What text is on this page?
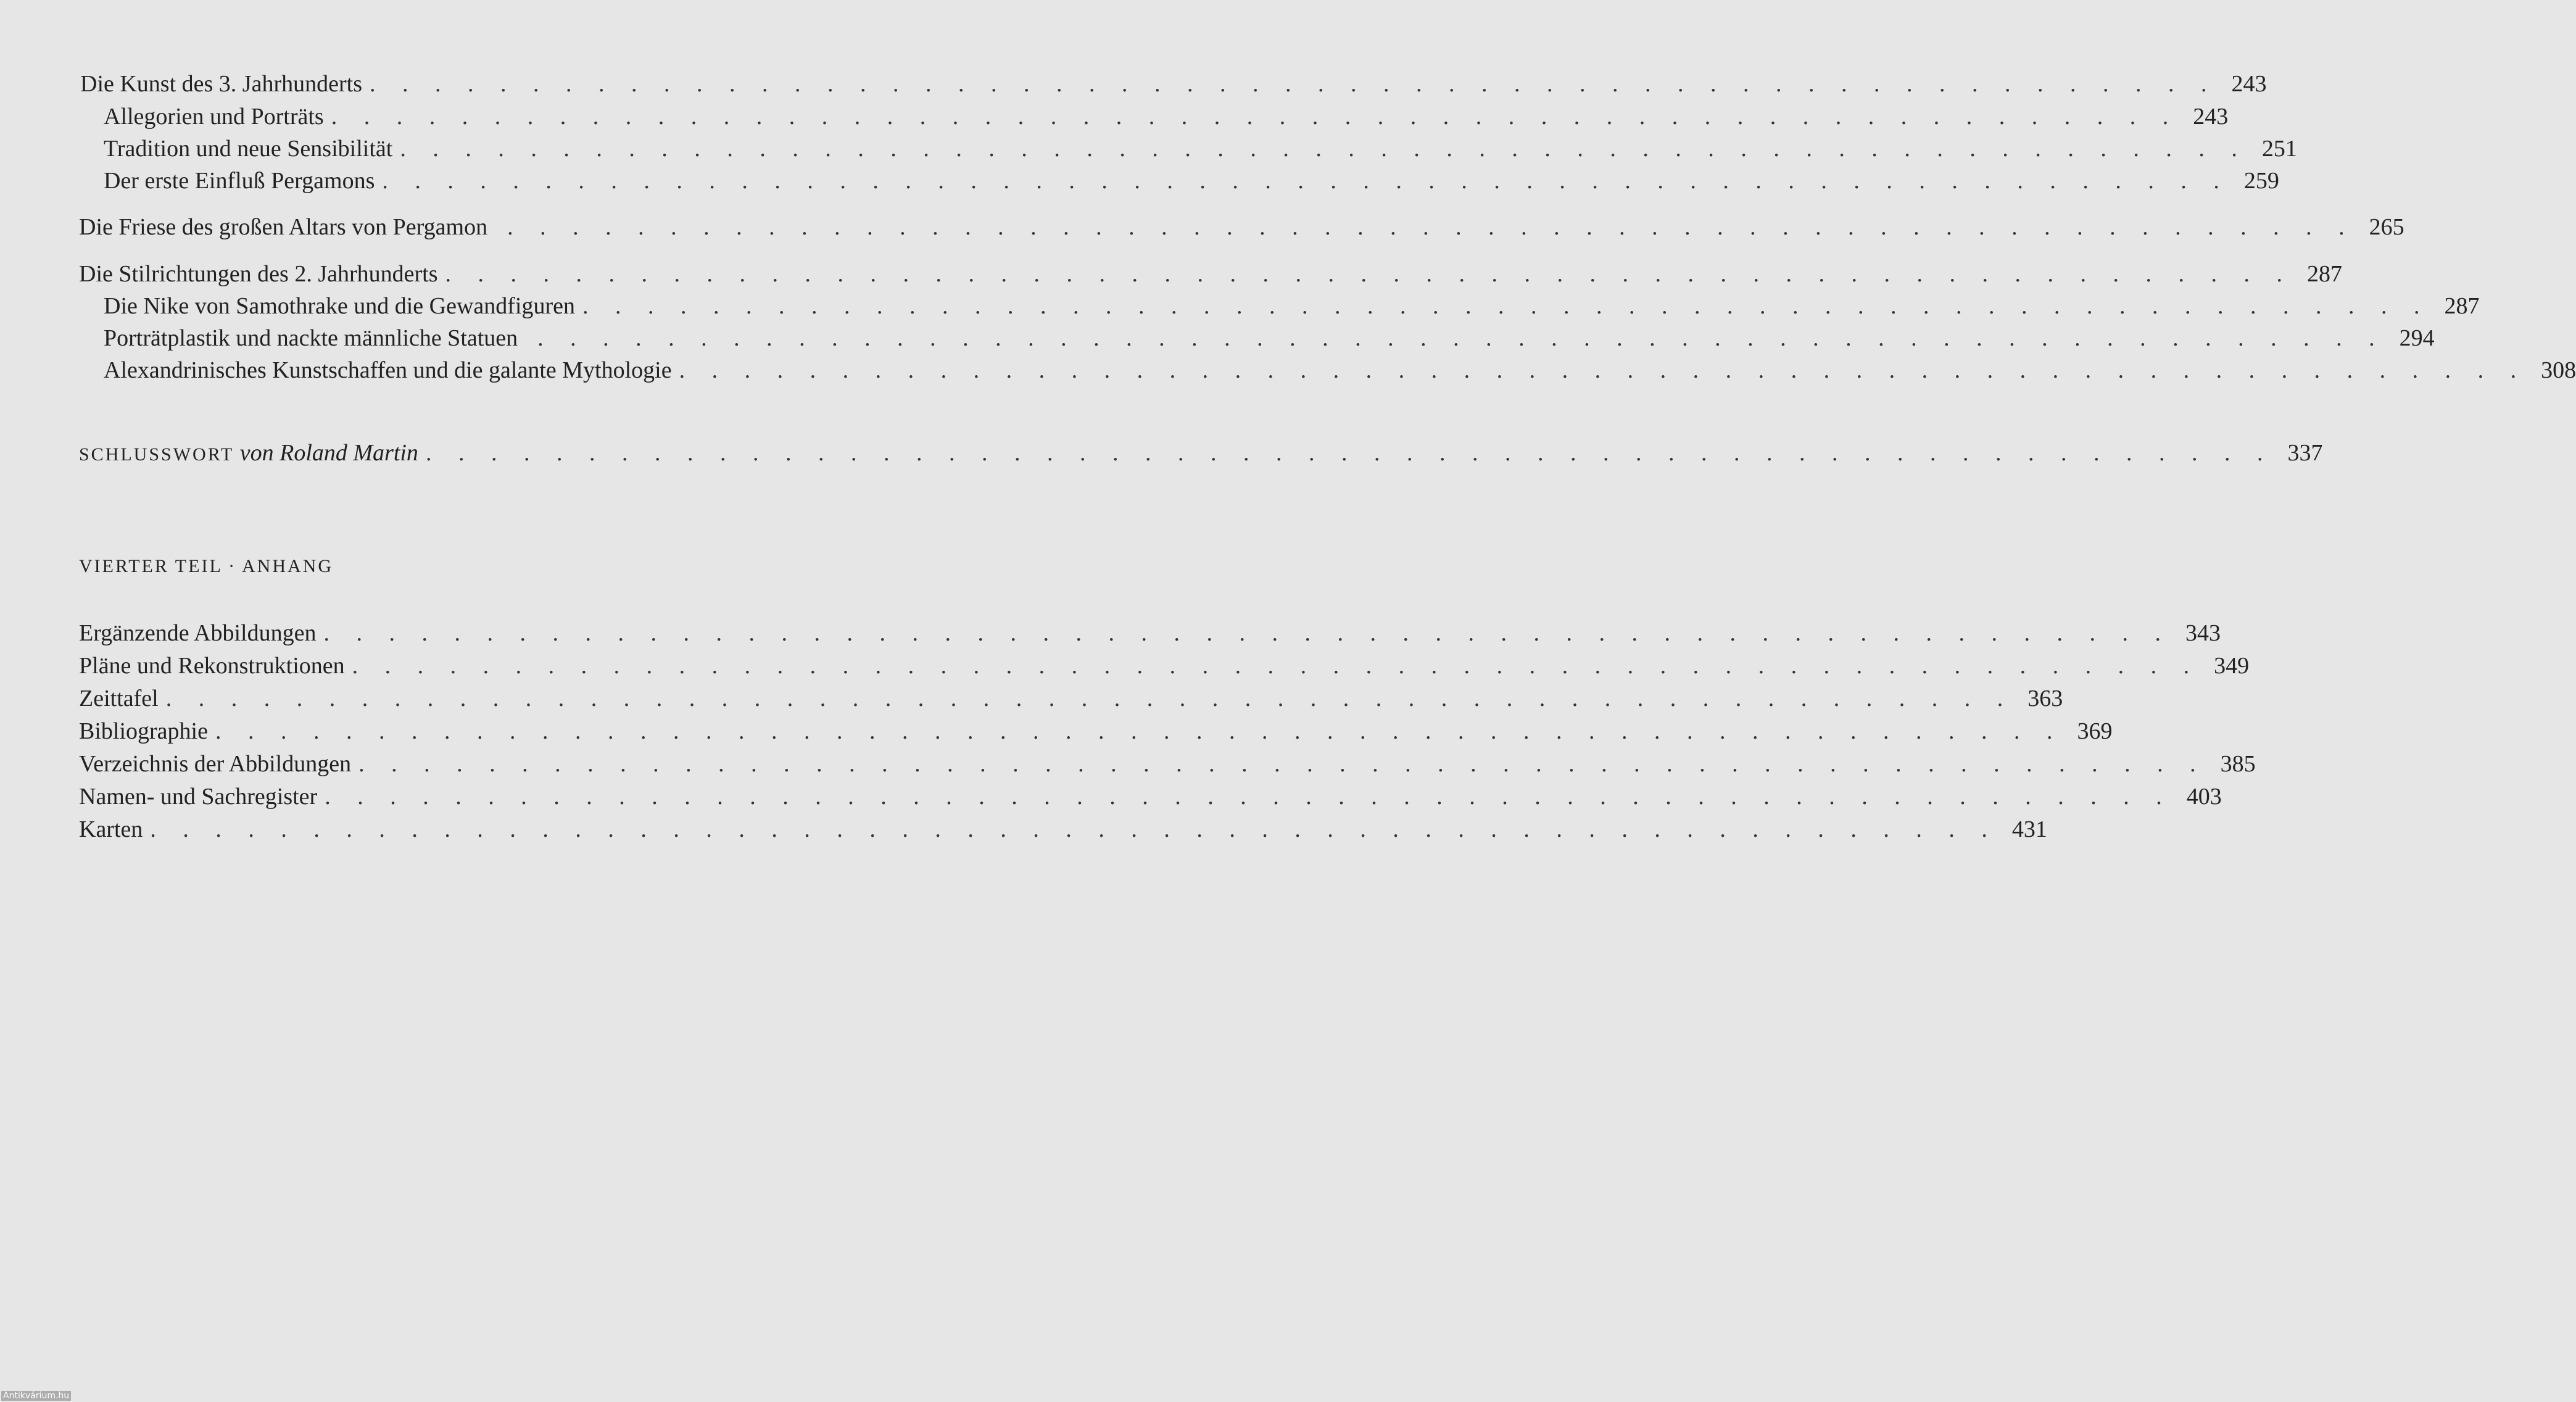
Die Kunst des 3. Jahrhunderts . . . . . . . . . . . . . . . . . . . . . . . . . . . . . . . . . . . . . . . . . . . . . . . . . . . . . . . . . 243
Allegorien und Porträts . . . . . . . . . . . . . . . . . . . . . . . . . . . . . . . . . . . . . . . . . . . . . . . . . . . . . . . . . 243
Tradition und neue Sensibilität . . . . . . . . . . . . . . . . . . . . . . . . . . . . . . . . . . . . . . . . . . . . . . . . . . . . . . . . . 251
Der erste Einfluß Pergamons . . . . . . . . . . . . . . . . . . . . . . . . . . . . . . . . . . . . . . . . . . . . . . . . . . . . . . . . . 259
Die Friese des großen Altars von Pergamon . . . . . . . . . . . . . . . . . . . . . . . . . . . . . . . . . . . . . . . . . . . . . . . . . . . . . . . . . 265
Die Stilrichtungen des 2. Jahrhunderts . . . . . . . . . . . . . . . . . . . . . . . . . . . . . . . . . . . . . . . . . . . . . . . . . . . . . . . . . 287
Die Nike von Samothrake und die Gewandfiguren . . . . . . . . . . . . . . . . . . . . . . . . . . . . . . . . . . . . . . . . . . . . . . . . . . . . . . . . . 287
Porträtplastik und nackte männliche Statuen . . . . . . . . . . . . . . . . . . . . . . . . . . . . . . . . . . . . . . . . . . . . . . . . . . . . . . . . . 294
Alexandrinisches Kunstschaffen und die galante Mythologie . . . . . . . . . . . . . . . . . . . . . . . . . . . . . . . . . . . . . . . . . . . . . . . . . . . . . . . . . 308
SCHLUSSWORT von Roland Martin . . . . . . . . . . . . . . . . . . . . . . . . . . . . . . . . . . . . . . . . . . . . . . . . . . . . . . . . . 337
VIERTER TEIL · ANHANG
Ergänzende Abbildungen . . . . . . . . . . . . . . . . . . . . . . . . . . . . . . . . . . . . . . . . . . . . . . . . . . . . . . . . . 343
Pläne und Rekonstruktionen . . . . . . . . . . . . . . . . . . . . . . . . . . . . . . . . . . . . . . . . . . . . . . . . . . . . . . . . . 349
Zeittafel . . . . . . . . . . . . . . . . . . . . . . . . . . . . . . . . . . . . . . . . . . . . . . . . . . . . . . . . . 363
Bibliographie . . . . . . . . . . . . . . . . . . . . . . . . . . . . . . . . . . . . . . . . . . . . . . . . . . . . . . . . . 369
Verzeichnis der Abbildungen . . . . . . . . . . . . . . . . . . . . . . . . . . . . . . . . . . . . . . . . . . . . . . . . . . . . . . . . . 385
Namen- und Sachregister . . . . . . . . . . . . . . . . . . . . . . . . . . . . . . . . . . . . . . . . . . . . . . . . . . . . . . . . . 403
Karten . . . . . . . . . . . . . . . . . . . . . . . . . . . . . . . . . . . . . . . . . . . . . . . . . . . . . . . . . 431
Antikvárium.hu
